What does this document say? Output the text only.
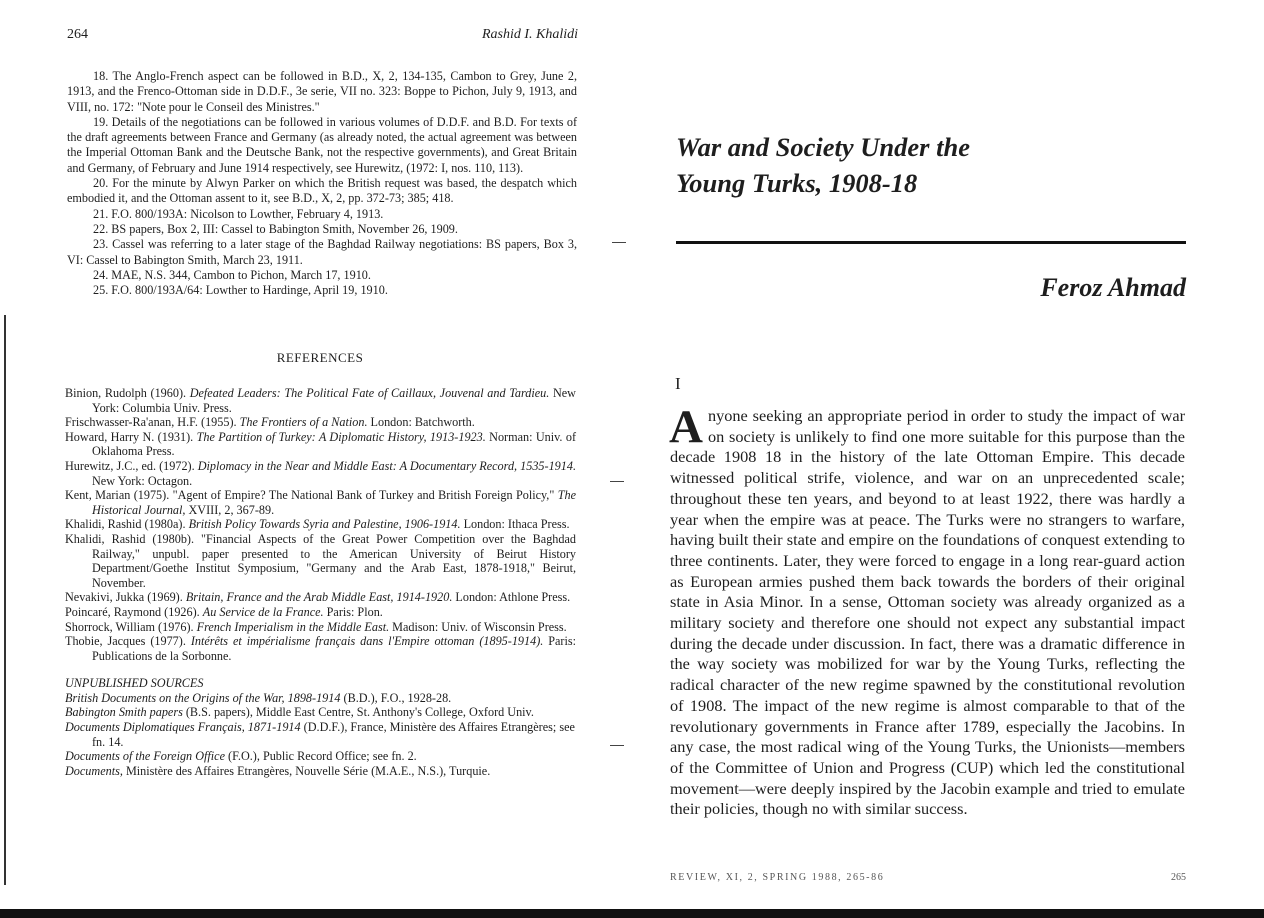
264	Rashid I. Khalidi

18. The Anglo-French aspect can be followed in B.D., X, 2, 134-135, Cambon to Grey, June 2, 1913, and the Frenco-Ottoman side in D.D.F., 3e serie, VII no. 323: Boppe to Pichon, July 9, 1913, and VIII, no. 172: "Note pour le Conseil des Ministres."

19. Details of the negotiations can be followed in various volumes of D.D.F. and B.D. For texts of the draft agreements between France and Germany (as already noted, the actual agreement was between the Imperial Ottoman Bank and the Deutsche Bank, not the respective governments), and Great Britain and Germany, of February and June 1914 respectively, see Hurewitz, (1972: I, nos. 110, 113).

20. For the minute by Alwyn Parker on which the British request was based, the despatch which embodied it, and the Ottoman assent to it, see B.D., X, 2, pp. 372-73; 385; 418.

21. F.O. 800/193A: Nicolson to Lowther, February 4, 1913.

22. BS papers, Box 2, III: Cassel to Babington Smith, November 26, 1909.

23. Cassel was referring to a later stage of the Baghdad Railway negotiations: BS papers, Box 3, VI: Cassel to Babington Smith, March 23, 1911.

24. MAE, N.S. 344, Cambon to Pichon, March 17, 1910.

25. F.O. 800/193A/64: Lowther to Hardinge, April 19, 1910.

REFERENCES

Binion, Rudolph (1960). Defeated Leaders: The Political Fate of Caillaux, Jouvenal and Tardieu. New York: Columbia Univ. Press.

Frischwasser-Ra'anan, H.F. (1955). The Frontiers of a Nation. London: Batchworth.

Howard, Harry N. (1931). The Partition of Turkey: A Diplomatic History, 1913-1923. Norman: Univ. of Oklahoma Press.

Hurewitz, J.C., ed. (1972). Diplomacy in the Near and Middle East: A Documentary Record, 1535-1914. New York: Octagon.

Kent, Marian (1975). "Agent of Empire? The National Bank of Turkey and British Foreign Policy," The Historical Journal, XVIII, 2, 367-89.

Khalidi, Rashid (1980a). British Policy Towards Syria and Palestine, 1906-1914. London: Ithaca Press.

Khalidi, Rashid (1980b). "Financial Aspects of the Great Power Competition over the Baghdad Railway," unpubl. paper presented to the American University of Beirut History Department/Goethe Institut Symposium, "Germany and the Arab East, 1878-1918," Beirut, November.

Nevakivi, Jukka (1969). Britain, France and the Arab Middle East, 1914-1920. London: Athlone Press.

Poincaré, Raymond (1926). Au Service de la France. Paris: Plon.

Shorrock, William (1976). French Imperialism in the Middle East. Madison: Univ. of Wisconsin Press.

Thobie, Jacques (1977). Intérêts et impérialisme français dans l'Empire ottoman (1895-1914). Paris: Publications de la Sorbonne.

UNPUBLISHED SOURCES

British Documents on the Origins of the War, 1898-1914 (B.D.), F.O., 1928-28.

Babington Smith papers (B.S. papers), Middle East Centre, St. Anthony's College, Oxford Univ.

Documents Diplomatiques Français, 1871-1914 (D.D.F.), France, Ministère des Affaires Etrangères; see fn. 14.

Documents of the Foreign Office (F.O.), Public Record Office; see fn. 2.

Documents, Ministère des Affaires Etrangères, Nouvelle Série (M.A.E., N.S.), Turquie.

War and Society Under the
Young Turks, 1908-18
Feroz Ahmad
I

Anyone seeking an appropriate period in order to study the impact of war on society is unlikely to find one more suitable for this purpose than the decade 1908 18 in the history of the late Ottoman Empire. This decade witnessed political strife, violence, and war on an unprecedented scale; throughout these ten years, and beyond to at least 1922, there was hardly a year when the empire was at peace. The Turks were no strangers to warfare, having built their state and empire on the foundations of conquest extending to three continents. Later, they were forced to engage in a long rear-guard action as European armies pushed them back towards the borders of their original state in Asia Minor. In a sense, Ottoman society was already organized as a military society and therefore one should not expect any substantial impact during the decade under discussion. In fact, there was a dramatic difference in the way society was mobilized for war by the Young Turks, reflecting the radical character of the new regime spawned by the constitutional revolution of 1908. The impact of the new regime is almost comparable to that of the revolutionary governments in France after 1789, especially the Jacobins. In any case, the most radical wing of the Young Turks, the Unionists—members of the Committee of Union and Progress (CUP) which led the constitutional movement—were deeply inspired by the Jacobin example and tried to emulate their policies, though no with similar success.

REVIEW, XI, 2, SPRING 1988, 265-86	265
